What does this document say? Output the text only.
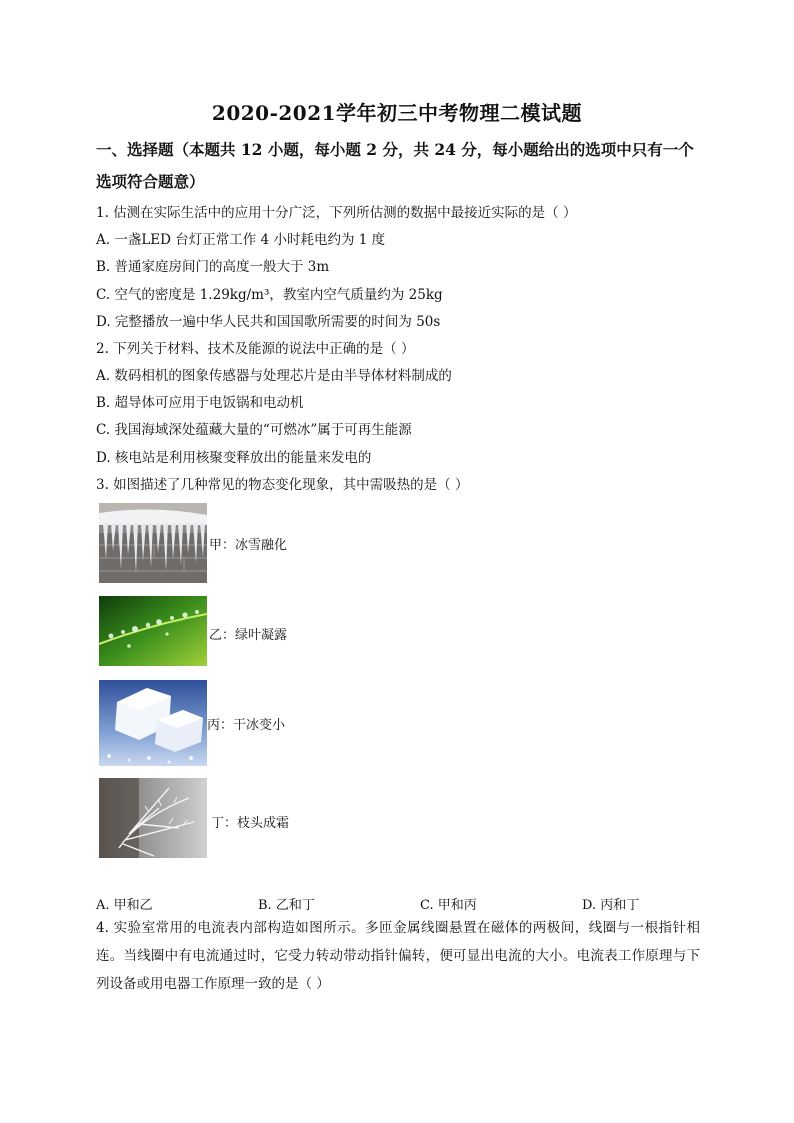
2020-2021学年初三中考物理二模试题
一、选择题（本题共 12 小题，每小题 2 分，共 24 分，每小题给出的选项中只有一个
选项符合题意）
1. 估测在实际生活中的应用十分广泛，下列所估测的数据中最接近实际的是（ ）
A. 一盏LED 台灯正常工作 4 小时耗电约为 1 度
B. 普通家庭房间门的高度一般大于 3m
C. 空气的密度是 1.29kg/m³，教室内空气质量约为 25kg
D. 完整播放一遍中华人民共和国国歌所需要的时间为 50s
2. 下列关于材料、技术及能源的说法中正确的是（ ）
A. 数码相机的图象传感器与处理芯片是由半导体材料制成的
B. 超导体可应用于电饭锅和电动机
C. 我国海域深处蕴藏大量的“可燃冰”属于可再生能源
D. 核电站是利用核聚变释放出的能量来发电的
3. 如图描述了几种常见的物态变化现象，其中需吸热的是（ ）
甲：冰雪融化
乙：绿叶凝露
丙：干冰变小
丁：枝头成霜
A. 甲和乙	B. 乙和丁	C. 甲和丙	D. 丙和丁
4. 实验室常用的电流表内部构造如图所示。多匝金属线圈悬置在磁体的两极间，线圈与一根指针相连。当线圈中有电流通过时，它受力转动带动指针偏转，便可显出电流的大小。电流表工作原理与下列设备或用电器工作原理一致的是（ ）
